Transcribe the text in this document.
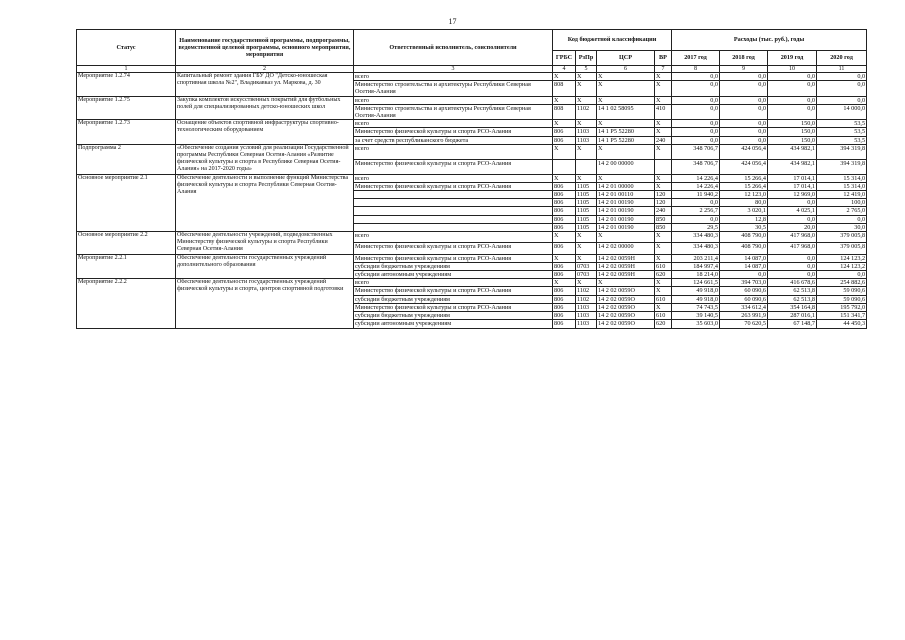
17
Статус	Наименование государственной программы, подпрограммы, ведомственной целевой программы, основного мероприятия, мероприятия	Ответственный исполнитель, соисполнители	Код бюджетной классификации				Расходы (тыс. руб.), годы			
			ГРБС	РзПр	ЦСР	ВР	2017 год	2018 год	2019 год	2020 год
1	2	3	4	5	6	7	8	9	10	11
Мероприятие 1.2.74	Капитальный ремонт здания ГБУ ДО "Детско-юношеская спортивная школа №2", Владикавказ ул. Маркова, д. 30	всего	X	X	X	X	0,0	0,0	0,0	0,0
		Министерство строительства и архитектуры Республики Северная Осетия-Алания	808	X	X	X	0,0	0,0	0,0	0,0
Мероприятие 1.2.75	Закупка комплектов искусственных покрытий для футбольных полей для специализированных детско-юношеских школ	всего	X	X	X	X	0,0	0,0	0,0	0,0
		Министерство строительства и архитектуры Республики Северная Осетия-Алания	808	1102	14 1 02 58095	410	0,0	0,0	0,0	14 000,0
Мероприятие 1.2.73	Оснащение объектов спортивной инфраструктуры спортивно-технологическим оборудованием	всего	X	X	X	X	0,0	0,0	150,0	53,5
		Министерство физической культуры и спорта РСО-Алания	806	1103	14 1 P5 52280	X	0,0	0,0	150,0	53,5
		за счет средств республиканского бюджета	806	1103	14 1 P5 52280	240	0,0	0,0	150,0	53,5
Подпрограмма 2	«Обеспечение создания условий для реализации Государственной программы Республики Северная Осетия-Алания «Развитие физической культуры и спорта в Республике Северная Осетия-Алания» на 2017-2020 годы»	всего	X	X	X	X	348 706,7	424 056,4	434 982,1	394 319,8
		Министерство физической культуры и спорта РСО-Алания			14 2 00 00000		348 706,7	424 056,4	434 982,1	394 319,8
Основное мероприятие 2.1	Обеспечение деятельности и выполнение функций Министерства физической культуры и спорта Республики Северная Осетия-Алания	всего	X	X	X	X	14 226,4	15 266,4	17 014,1	15 314,0
		Министерство физической культуры и спорта РСО-Алания	806	1105	14 2 01 00000	X	14 226,4	15 266,4	17 014,1	15 314,0
			806	1105	14 2 01 00110	120	11 940,2	12 123,0	12 969,0	12 419,0
			806	1105	14 2 01 00190	120	0,0	80,0	0,0	100,0
			806	1105	14 2 01 00190	240	2 256,7	3 020,1	4 025,1	2 765,0
			806	1105	14 2 01 00190	850	0,0	12,8	0,0	0,0
			806	1105	14 2 01 00190	850	29,5	30,5	20,0	30,0
Основное мероприятие 2.2	Обеспечение деятельности учреждений, подведомственных Министерству физической культуры и спорта Республики Северная Осетия-Алания	всего	X	X	X	X	334 480,3	408 790,0	417 968,0	379 005,8
		Министерство физической культуры и спорта РСО-Алания	806	X	14 2 02 00000	X	334 480,3	408 790,0	417 968,0	379 005,8
Мероприятие 2.2.1	Обеспечение деятельности государственных учреждений дополнительного образования	Министерство физической культуры и спорта РСО-Алания	X	X	14 2 02 0059Н	X	203 211,4	14 087,0	0,0	124 123,2
		субсидии бюджетным учреждениям	806	0703	14 2 02 0059Н	610	184 997,4	14 087,0	0,0	124 123,2
		субсидии автономным учреждениям	806	0703	14 2 02 0059Н	620	18 214,0	0,0	0,0	0,0
Мероприятие 2.2.2	Обеспечение деятельности государственных учреждений физической культуры и спорта, центров спортивной подготовки	всего	X	X	X	X	124 661,5	394 703,0	416 678,6	254 882,6
		Министерство физической культуры и спорта РСО-Алания	806	1102	14 2 02 0059О	X	49 918,0	60 090,6	62 513,8	59 090,6
		субсидии бюджетным учреждениям	806	1102	14 2 02 0059О	610	49 918,0	60 090,6	62 513,8	59 090,6
		Министерство физической культуры и спорта РСО-Алания	806	1103	14 2 02 0059О	X	74 743,5	334 612,4	354 164,8	195 792,0
		субсидии бюджетным учреждениям	806	1103	14 2 02 0059О	610	39 140,5	263 991,9	287 016,1	151 341,7
		субсидии автономным учреждениям	806	1103	14 2 02 0059О	620	35 603,0	70 620,5	67 148,7	44 450,3
